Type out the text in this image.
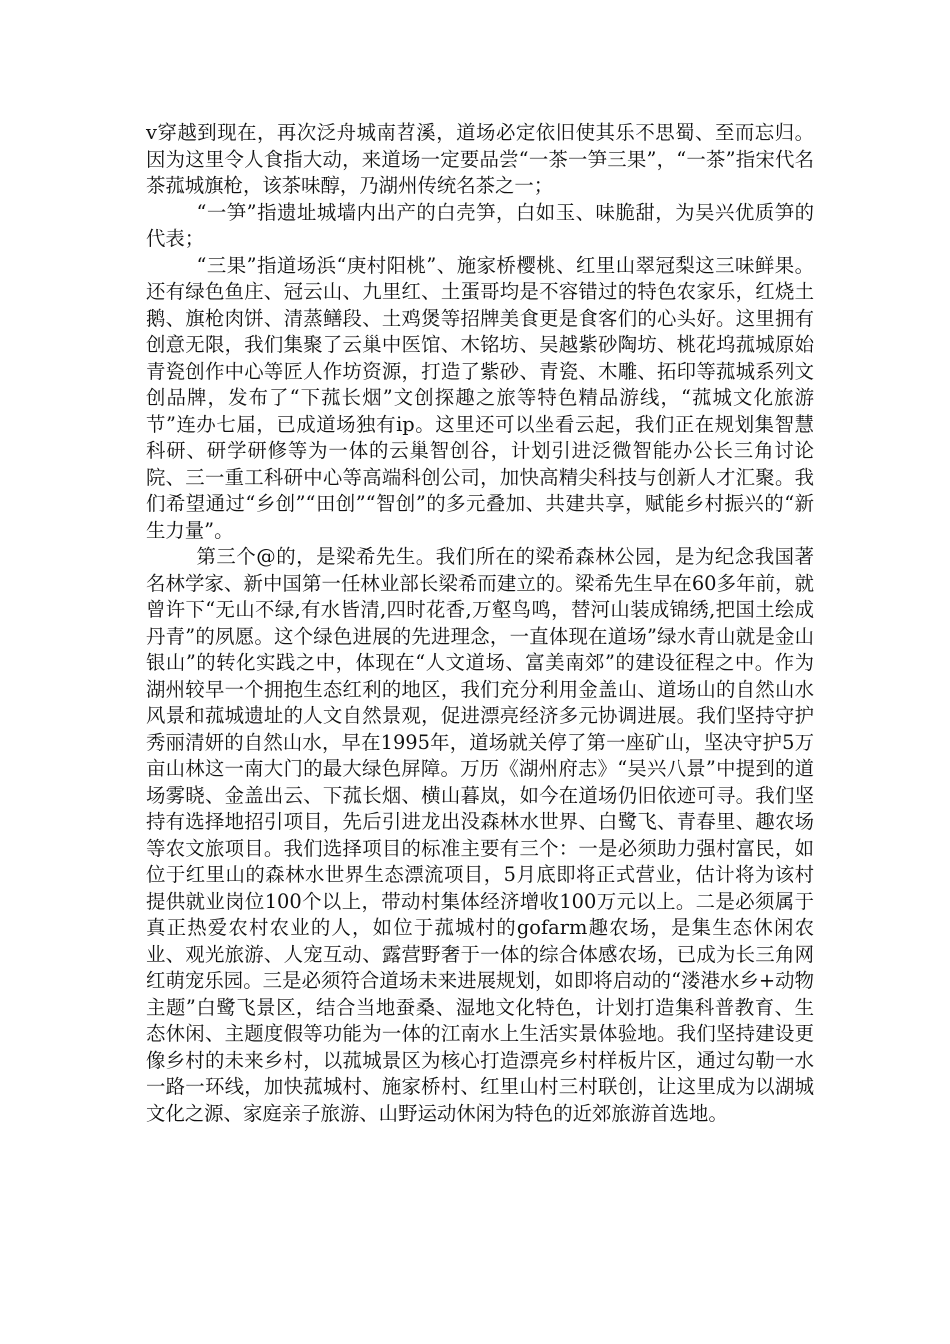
v穿越到现在，再次泛舟城南苕溪，道场必定依旧使其乐不思蜀、至而忘归。因为这里令人食指大动，来道场一定要品尝“一茶一笋三果”，“一茶”指宋代名茶菰城旗枪，该茶味醇，乃湖州传统名茶之一；

“一笋”指遗址城墙内出产的白壳笋，白如玉、味脆甜，为吴兴优质笋的代表；

“三果”指道场浜“庚村阳桃”、施家桥樱桃、红里山翠冠梨这三味鲜果。还有绿色鱼庄、冠云山、九里红、土蛋哥均是不容错过的特色农家乐，红烧土鹅、旗枪肉饼、清蒸鳝段、土鸡煲等招牌美食更是食客们的心头好。这里拥有创意无限，我们集聚了云巢中医馆、木铭坊、吴越紫砂陶坊、桃花坞菰城原始青瓷创作中心等匠人作坊资源，打造了紫砂、青瓷、木雕、拓印等菰城系列文创品牌，发布了“下菰长烟”文创探趣之旅等特色精品游线，“菰城文化旅游节”连办七届，已成道场独有ip。这里还可以坐看云起，我们正在规划集智慧科研、研学研修等为一体的云巢智创谷，计划引进泛微智能办公长三角讨论院、三一重工科研中心等高端科创公司，加快高精尖科技与创新人才汇聚。我们希望通过“乡创”“田创”“智创”的多元叠加、共建共享，赋能乡村振兴的“新生力量”。

第三个@的，是梁希先生。我们所在的梁希森林公园，是为纪念我国著名林学家、新中国第一任林业部长梁希而建立的。梁希先生早在60多年前，就曾许下“无山不绿,有水皆清,四时花香,万壑鸟鸣，替河山装成锦绣,把国土绘成丹青”的夙愿。这个绿色进展的先进理念，一直体现在道场”绿水青山就是金山银山”的转化实践之中，体现在“人文道场、富美南郊”的建设征程之中。作为湖州较早一个拥抱生态红利的地区，我们充分利用金盖山、道场山的自然山水风景和菰城遗址的人文自然景观，促进漂亮经济多元协调进展。我们坚持守护秀丽清妍的自然山水，早在1995年，道场就关停了第一座矿山，坚决守护5万亩山林这一南大门的最大绿色屏障。万历《湖州府志》“吴兴八景”中提到的道场雾晓、金盖出云、下菰长烟、横山暮岚，如今在道场仍旧依迹可寻。我们坚持有选择地招引项目，先后引进龙出没森林水世界、白鹭飞、青春里、趣农场等农文旅项目。我们选择项目的标准主要有三个：一是必须助力强村富民，如位于红里山的森林水世界生态漂流项目，5月底即将正式营业，估计将为该村提供就业岗位100个以上，带动村集体经济增收100万元以上。二是必须属于真正热爱农村农业的人，如位于菰城村的gofarm趣农场，是集生态休闲农业、观光旅游、人宠互动、露营野奢于一体的综合体感农场，已成为长三角网红萌宠乐园。三是必须符合道场未来进展规划，如即将启动的“溇港水乡+动物主题”白鹭飞景区，结合当地蚕桑、湿地文化特色，计划打造集科普教育、生态休闲、主题度假等功能为一体的江南水上生活实景体验地。我们坚持建设更像乡村的未来乡村，以菰城景区为核心打造漂亮乡村样板片区，通过勾勒一水一路一环线，加快菰城村、施家桥村、红里山村三村联创，让这里成为以湖城文化之源、家庭亲子旅游、山野运动休闲为特色的近郊旅游首选地。
